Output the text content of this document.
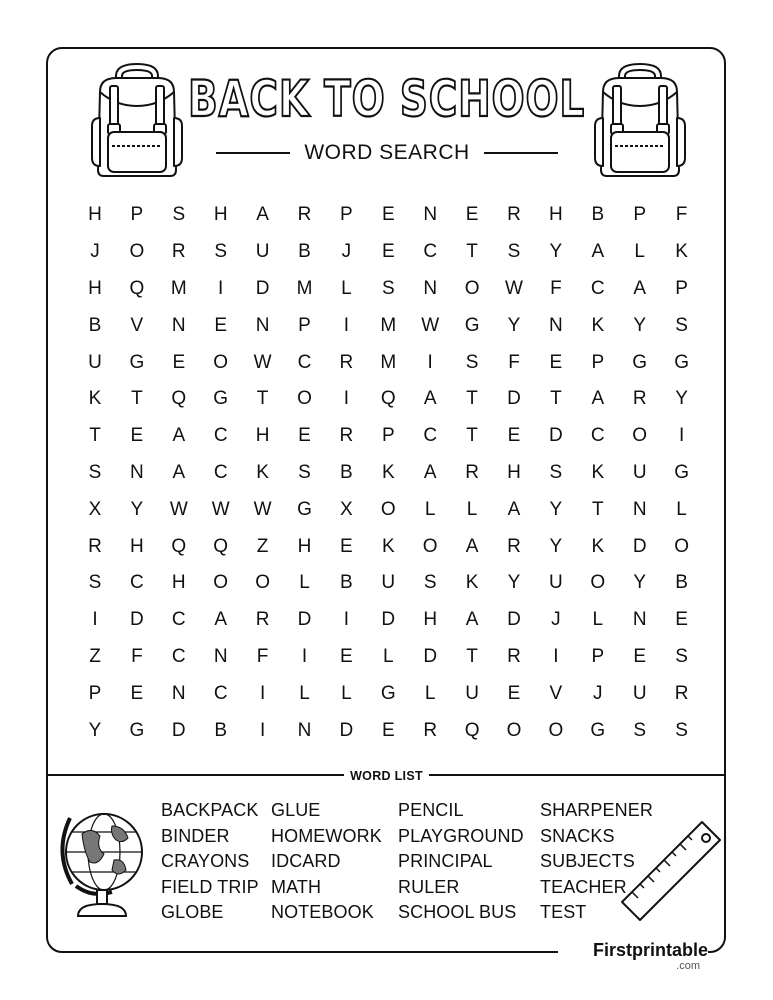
BACK TO SCHOOL
WORD SEARCH
H	P	S	H	A	R	P	E	N	E	R	H	B	P	F
J	O	R	S	U	B	J	E	C	T	S	Y	A	L	K
H	Q	M	I	D	M	L	S	N	O	W	F	C	A	P
B	V	N	E	N	P	I	M	W	G	Y	N	K	Y	S
U	G	E	O	W	C	R	M	I	S	F	E	P	G	G
K	T	Q	G	T	O	I	Q	A	T	D	T	A	R	Y
T	E	A	C	H	E	R	P	C	T	E	D	C	O	I
S	N	A	C	K	S	B	K	A	R	H	S	K	U	G
X	Y	W	W	W	G	X	O	L	L	A	Y	T	N	L
R	H	Q	Q	Z	H	E	K	O	A	R	Y	K	D	O
S	C	H	O	O	L	B	U	S	K	Y	U	O	Y	B
I	D	C	A	R	D	I	D	H	A	D	J	L	N	E
Z	F	C	N	F	I	E	L	D	T	R	I	P	E	S
P	E	N	C	I	L	L	G	L	U	E	V	J	U	R
Y	G	D	B	I	N	D	E	R	Q	O	O	G	S	S
WORD LIST
BACKPACK
BINDER
CRAYONS
FIELD TRIP
GLOBE
GLUE
HOMEWORK
IDCARD
MATH
NOTEBOOK
PENCIL
PLAYGROUND
PRINCIPAL
RULER
SCHOOL BUS
SHARPENER
SNACKS
SUBJECTS
TEACHER
TEST
Firstprintable
.com
